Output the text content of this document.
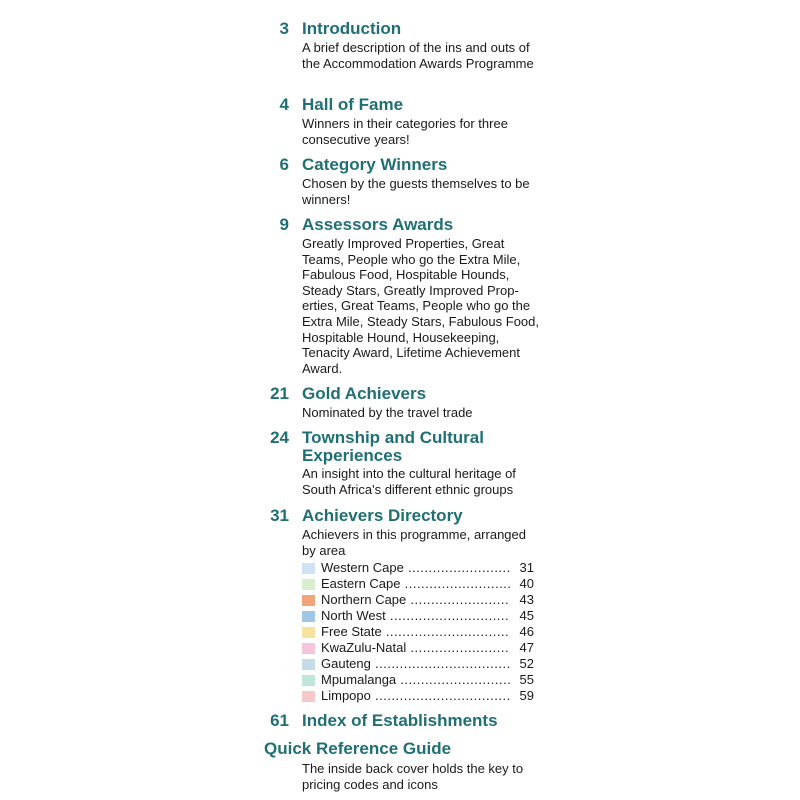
3 Introduction
A brief description of the ins and outs of the Accommodation Awards Programme
4 Hall of Fame
Winners in their categories for three consecutive years!
6 Category Winners
Chosen by the guests themselves to be winners!
9 Assessors Awards
Greatly Improved Properties, Great Teams, People who go the Extra Mile, Fabulous Food, Hospitable Hounds, Steady Stars, Greatly Improved Properties, Great Teams, People who go the Extra Mile, Steady Stars, Fabulous Food, Hospitable Hound, Housekeeping, Tenacity Award, Lifetime Achievement Award.
21 Gold Achievers
Nominated by the travel trade
24 Township and Cultural Experiences
An insight into the cultural heritage of South Africa's different ethnic groups
31 Achievers Directory
Achievers in this programme, arranged by area
Western Cape .....	31
Eastern Cape .....	40
Northern Cape .....	43
North West .....	45
Free State .....	46
KwaZulu-Natal .....	47
Gauteng .....	52
Mpumalanga .....	55
Limpopo .....	59
61 Index of Establishments
Quick Reference Guide
The inside back cover holds the key to pricing codes and icons
